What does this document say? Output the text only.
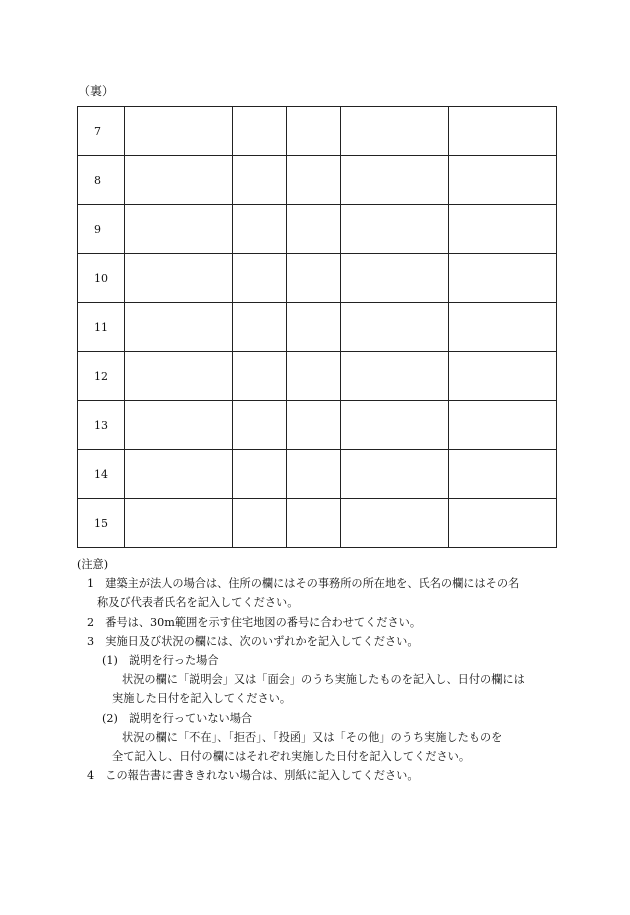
（裏）
7					
8					
9					
10					
11					
12					
13					
14					
15					
(注意)
1　建築主が法人の場合は、住所の欄にはその事務所の所在地を、氏名の欄にはその名
称及び代表者氏名を記入してください。
2　番号は、30m範囲を示す住宅地図の番号に合わせてください。
3　実施日及び状況の欄には、次のいずれかを記入してください。
(1)　説明を行った場合
状況の欄に「説明会」又は「面会」のうち実施したものを記入し、日付の欄には
実施した日付を記入してください。
(2)　説明を行っていない場合
状況の欄に「不在」、「拒否」、「投函」又は「その他」のうち実施したものを
全て記入し、日付の欄にはそれぞれ実施した日付を記入してください。
4　この報告書に書ききれない場合は、別紙に記入してください。
